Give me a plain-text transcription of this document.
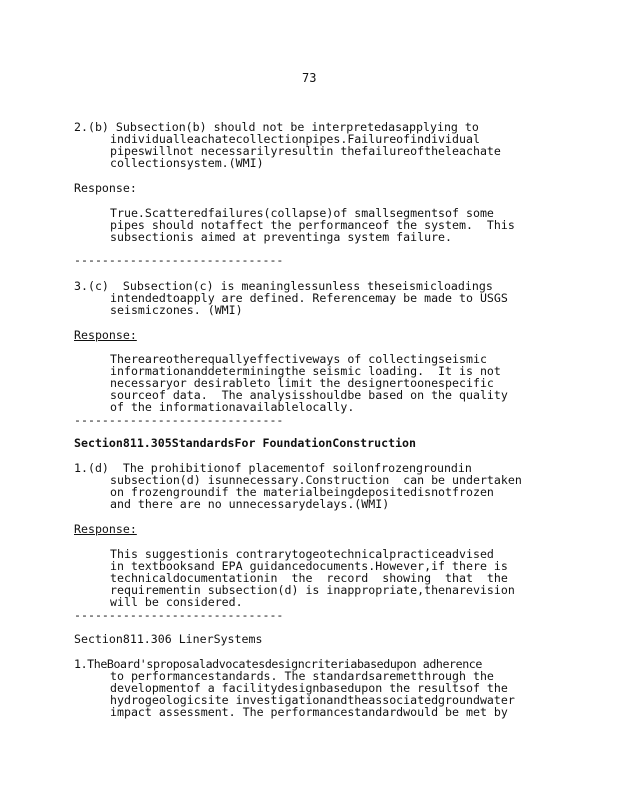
73
2.(b) Subsection(b) should not be interpretedasapplying to
individualleachatecollectionpipes.Failureofindividual
pipeswillnot necessarilyresultin thefailureoftheleachate
collectionsystem.(WMI)
Response:
True.Scatteredfailures(collapse)of smallsegmentsof some
pipes should notaffect the performanceof the system.  This
subsectionis aimed at preventinga system failure.
------------------------------
3.(c)  Subsection(c) is meaninglessunless theseismicloadings
intendedtoapply are defined. Referencemay be made to USGS
seismiczones. (WMI)
Response:
Thereareotherequallyeffectiveways of collectingseismic
informationanddeterminingthe seismic loading.  It is not
necessaryor desirableto limit the designertoonespecific
sourceof data.  The analysisshouldbe based on the quality
of the informationavailablelocally.
------------------------------
Section811.305StandardsFor FoundationConstruction
1.(d)  The prohibitionof placementof soilonfrozengroundin
subsection(d) isunnecessary.Construction  can be undertaken
on frozengroundif the materialbeingdepositedisnotfrozen
and there are no unnecessarydelays.(WMI)
Response:
This suggestionis contrarytogeotechnicalpracticeadvised
in textbooksand EPA guidancedocuments.However,if there is
technicaldocumentationin  the  record  showing  that  the
requirementin subsection(d) is inappropriate,thenarevision
will be considered.
------------------------------
Section811.306 LinerSystems
1.TheBoard'sproposaladvocatesdesigncriteriabasedupon adherence
to performancestandards. The standardsaremetthrough the
developmentof a facilitydesignbasedupon the resultsof the
hydrogeologicsite investigationandtheassociatedgroundwater
impact assessment. The performancestandardwould be met by
